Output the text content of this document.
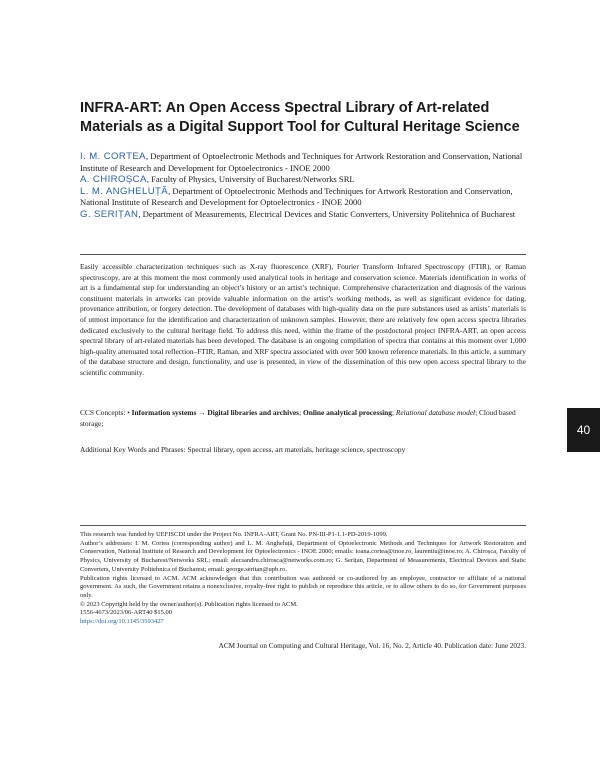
INFRA-ART: An Open Access Spectral Library of Art-related Materials as a Digital Support Tool for Cultural Heritage Science

I. M. CORTEA, Department of Optoelectronic Methods and Techniques for Artwork Restoration and Conservation, National Institute of Research and Development for Optoelectronics - INOE 2000

A. CHIROȘCA, Faculty of Physics, University of Bucharest/Networks SRL

L. M. ANGHELUȚĂ, Department of Optoelectronic Methods and Techniques for Artwork Restoration and Conservation, National Institute of Research and Development for Optoelectronics - INOE 2000

G. SERIȚAN, Department of Measurements, Electrical Devices and Static Converters, University Politehnica of Bucharest

Easily accessible characterization techniques such as X-ray fluorescence (XRF), Fourier Transform Infrared Spectroscopy (FTIR), or Raman spectroscopy, are at this moment the most commonly used analytical tools in heritage and conservation science. Materials identification in works of art is a fundamental step for understanding an object’s history or an artist’s technique. Comprehensive characterization and diagnosis of the various constituent materials in artworks can provide valuable information on the artist’s working methods, as well as significant evidence for dating, provenance attribution, or forgery detection. The development of databases with high-quality data on the pure substances used as artists’ materials is of utmost importance for the identification and characterization of unknown samples. However, there are relatively few open access spectra libraries dedicated exclusively to the cultural heritage field. To address this need, within the frame of the postdoctoral project INFRA-ART, an open access spectral library of art-related materials has been developed. The database is an ongoing compilation of spectra that contains at this moment over 1,000 high-quality attenuated total reflection–FTIR, Raman, and XRF spectra associated with over 500 known reference materials. In this article, a summary of the database structure and design, functionality, and use is presented, in view of the dissemination of this new open access spectral library to the scientific community.

CCS Concepts: • Information systems → Digital libraries and archives; Online analytical processing; Relational database model; Cloud based storage;

Additional Key Words and Phrases: Spectral library, open access, art materials, heritage science, spectroscopy

40

This research was funded by UEFISCDI under the Project No. INFRA-ART, Grant No. PN-III-P1-1.1-PD-2019-1099.

Author’s addresses: I. M. Cortea (corresponding author) and L. M. Angheluță, Department of Optoelectronic Methods and Techniques for Artwork Restoration and Conservation, National Institute of Research and Development for Optoelectronics - INOE 2000; emails: ioana.cortea@inoe.ro, laurentiu@inoe.ro; A. Chiroșca, Faculty of Physics, University of Bucharest/Networks SRL; email: alecsandru.chirosca@networks.com.ro; G. Serițan, Department of Measurements, Electrical Devices and Static Converters, University Politehnica of Bucharest; email: george.seritan@upb.ro.

Publication rights licensed to ACM. ACM acknowledges that this contribution was authored or co-authored by an employee, contractor or affiliate of a national government. As such, the Government retains a nonexclusive, royalty-free right to publish or reproduce this article, or to allow others to do so, for Government purposes only.

© 2023 Copyright held by the owner/author(s). Publication rights licensed to ACM.

1556-4673/2023/06-ART40 $15.00

https://doi.org/10.1145/3593427

ACM Journal on Computing and Cultural Heritage, Vol. 16, No. 2, Article 40. Publication date: June 2023.
